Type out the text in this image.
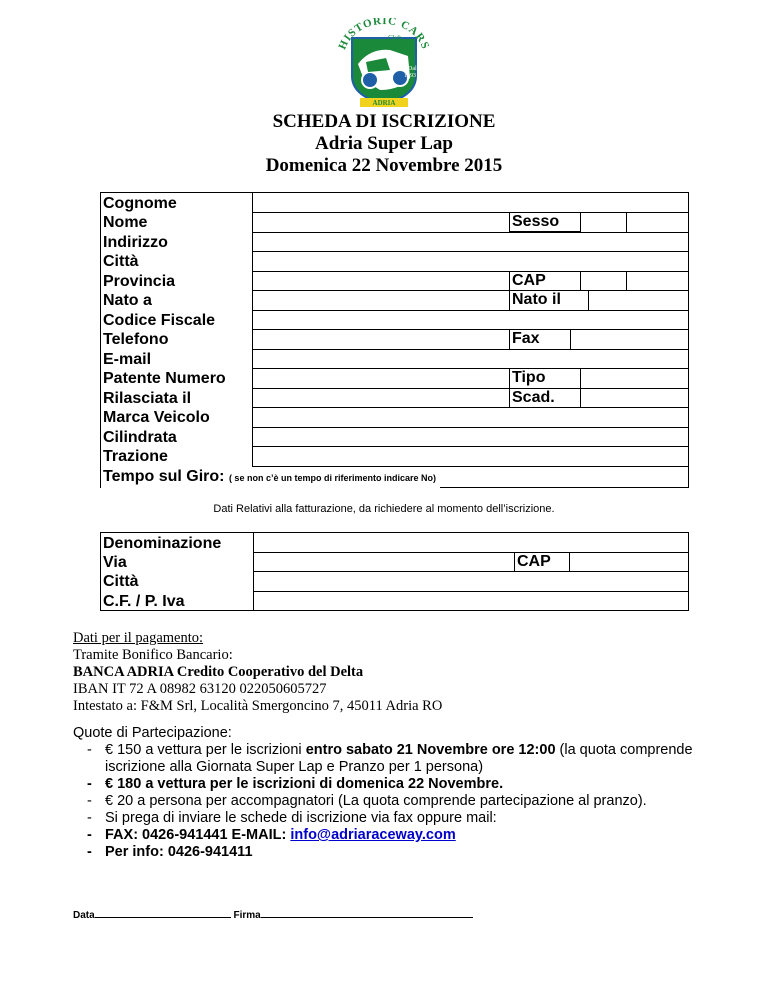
HISTORIC CARS
Club
Dal
1993
ADRIA
SCHEDA DI ISCRIZIONE
Adria Super Lap
Domenica 22 Novembre 2015
Cognome
Nome
Indirizzo
Città
Provincia
Nato a
Codice Fiscale
Telefono
E-mail
Patente Numero
Rilasciata il
Marca Veicolo
Cilindrata
Trazione
Tempo sul Giro: ( se non c’è un tempo di riferimento indicare No)
Sesso
CAP
Nato il
Fax
Tipo
Scad.
Dati Relativi alla fatturazione, da richiedere al momento dell’iscrizione.
Denominazione
Via
Città
C.F. / P. Iva
CAP
Dati per il pagamento:
Tramite Bonifico Bancario:
BANCA ADRIA Credito Cooperativo del Delta
IBAN IT 72 A 08982 63120 022050605727
Intestato a: F&M Srl, Località Smergoncino 7, 45011 Adria RO
Quote di Partecipazione:
- € 150 a vettura per le iscrizioni entro sabato 21 Novembre ore 12:00 (la quota comprende iscrizione alla Giornata Super Lap e Pranzo per 1 persona)
- € 180 a vettura per le iscrizioni di domenica 22 Novembre.
- € 20 a persona per accompagnatori (La quota comprende partecipazione al pranzo).
- Si prega di inviare le schede di iscrizione via fax oppure mail:
- FAX: 0426-941441 E-MAIL: info@adriaraceway.com
- Per info: 0426-941411
Data	Firma
